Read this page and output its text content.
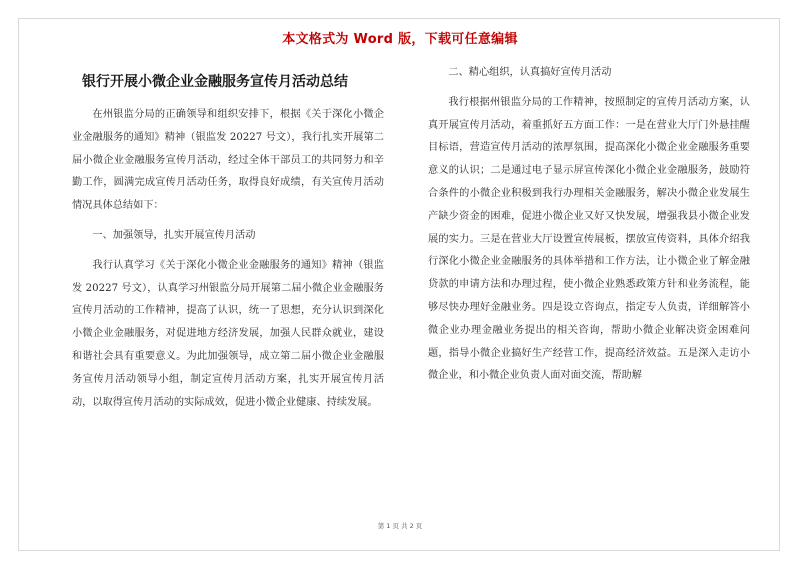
本文格式为 Word 版，下载可任意编辑
银行开展小微企业金融服务宣传月活动总结

在州银监分局的正确领导和组织安排下，根据《关于深化小微企业金融服务的通知》精神（银监发 20227 号文），我行扎实开展第二届小微企业金融服务宣传月活动，经过全体干部员工的共同努力和辛勤工作，圆满完成宣传月活动任务，取得良好成绩，有关宣传月活动情况具体总结如下：

一、加强领导，扎实开展宣传月活动

我行认真学习《关于深化小微企业金融服务的通知》精神（银监发 20227 号文），认真学习州银监分局开展第二届小微企业金融服务宣传月活动的工作精神，提高了认识，统一了思想，充分认识到深化小微企业金融服务，对促进地方经济发展，加强人民群众就业，建设和谐社会具有重要意义。为此加强领导，成立第二届小微企业金融服务宣传月活动领导小组，制定宣传月活动方案，扎实开展宣传月活动，以取得宣传月活动的实际成效，促进小微企业健康、持续发展。

二、精心组织，认真搞好宣传月活动

我行根据州银监分局的工作精神，按照制定的宣传月活动方案，认真开展宣传月活动，着重抓好五方面工作：一是在营业大厅门外悬挂醒目标语，营造宣传月活动的浓厚氛围，提高深化小微企业金融服务重要意义的认识；二是通过电子显示屏宣传深化小微企业金融服务，鼓励符合条件的小微企业积极到我行办理相关金融服务，解决小微企业发展生产缺少资金的困难，促进小微企业又好又快发展，增强我县小微企业发展的实力。三是在营业大厅设置宣传展板，摆放宣传资料，具体介绍我行深化小微企业金融服务的具体举措和工作方法，让小微企业了解金融贷款的申请方法和办理过程，使小微企业熟悉政策方针和业务流程，能够尽快办理好金融业务。四是设立咨询点，指定专人负责，详细解答小微企业办理金融业务提出的相关咨询，帮助小微企业解决资金困难问题，指导小微企业搞好生产经营工作，提高经济效益。五是深入走访小微企业，和小微企业负责人面对面交流，帮助解

第 1 页 共 2 页
